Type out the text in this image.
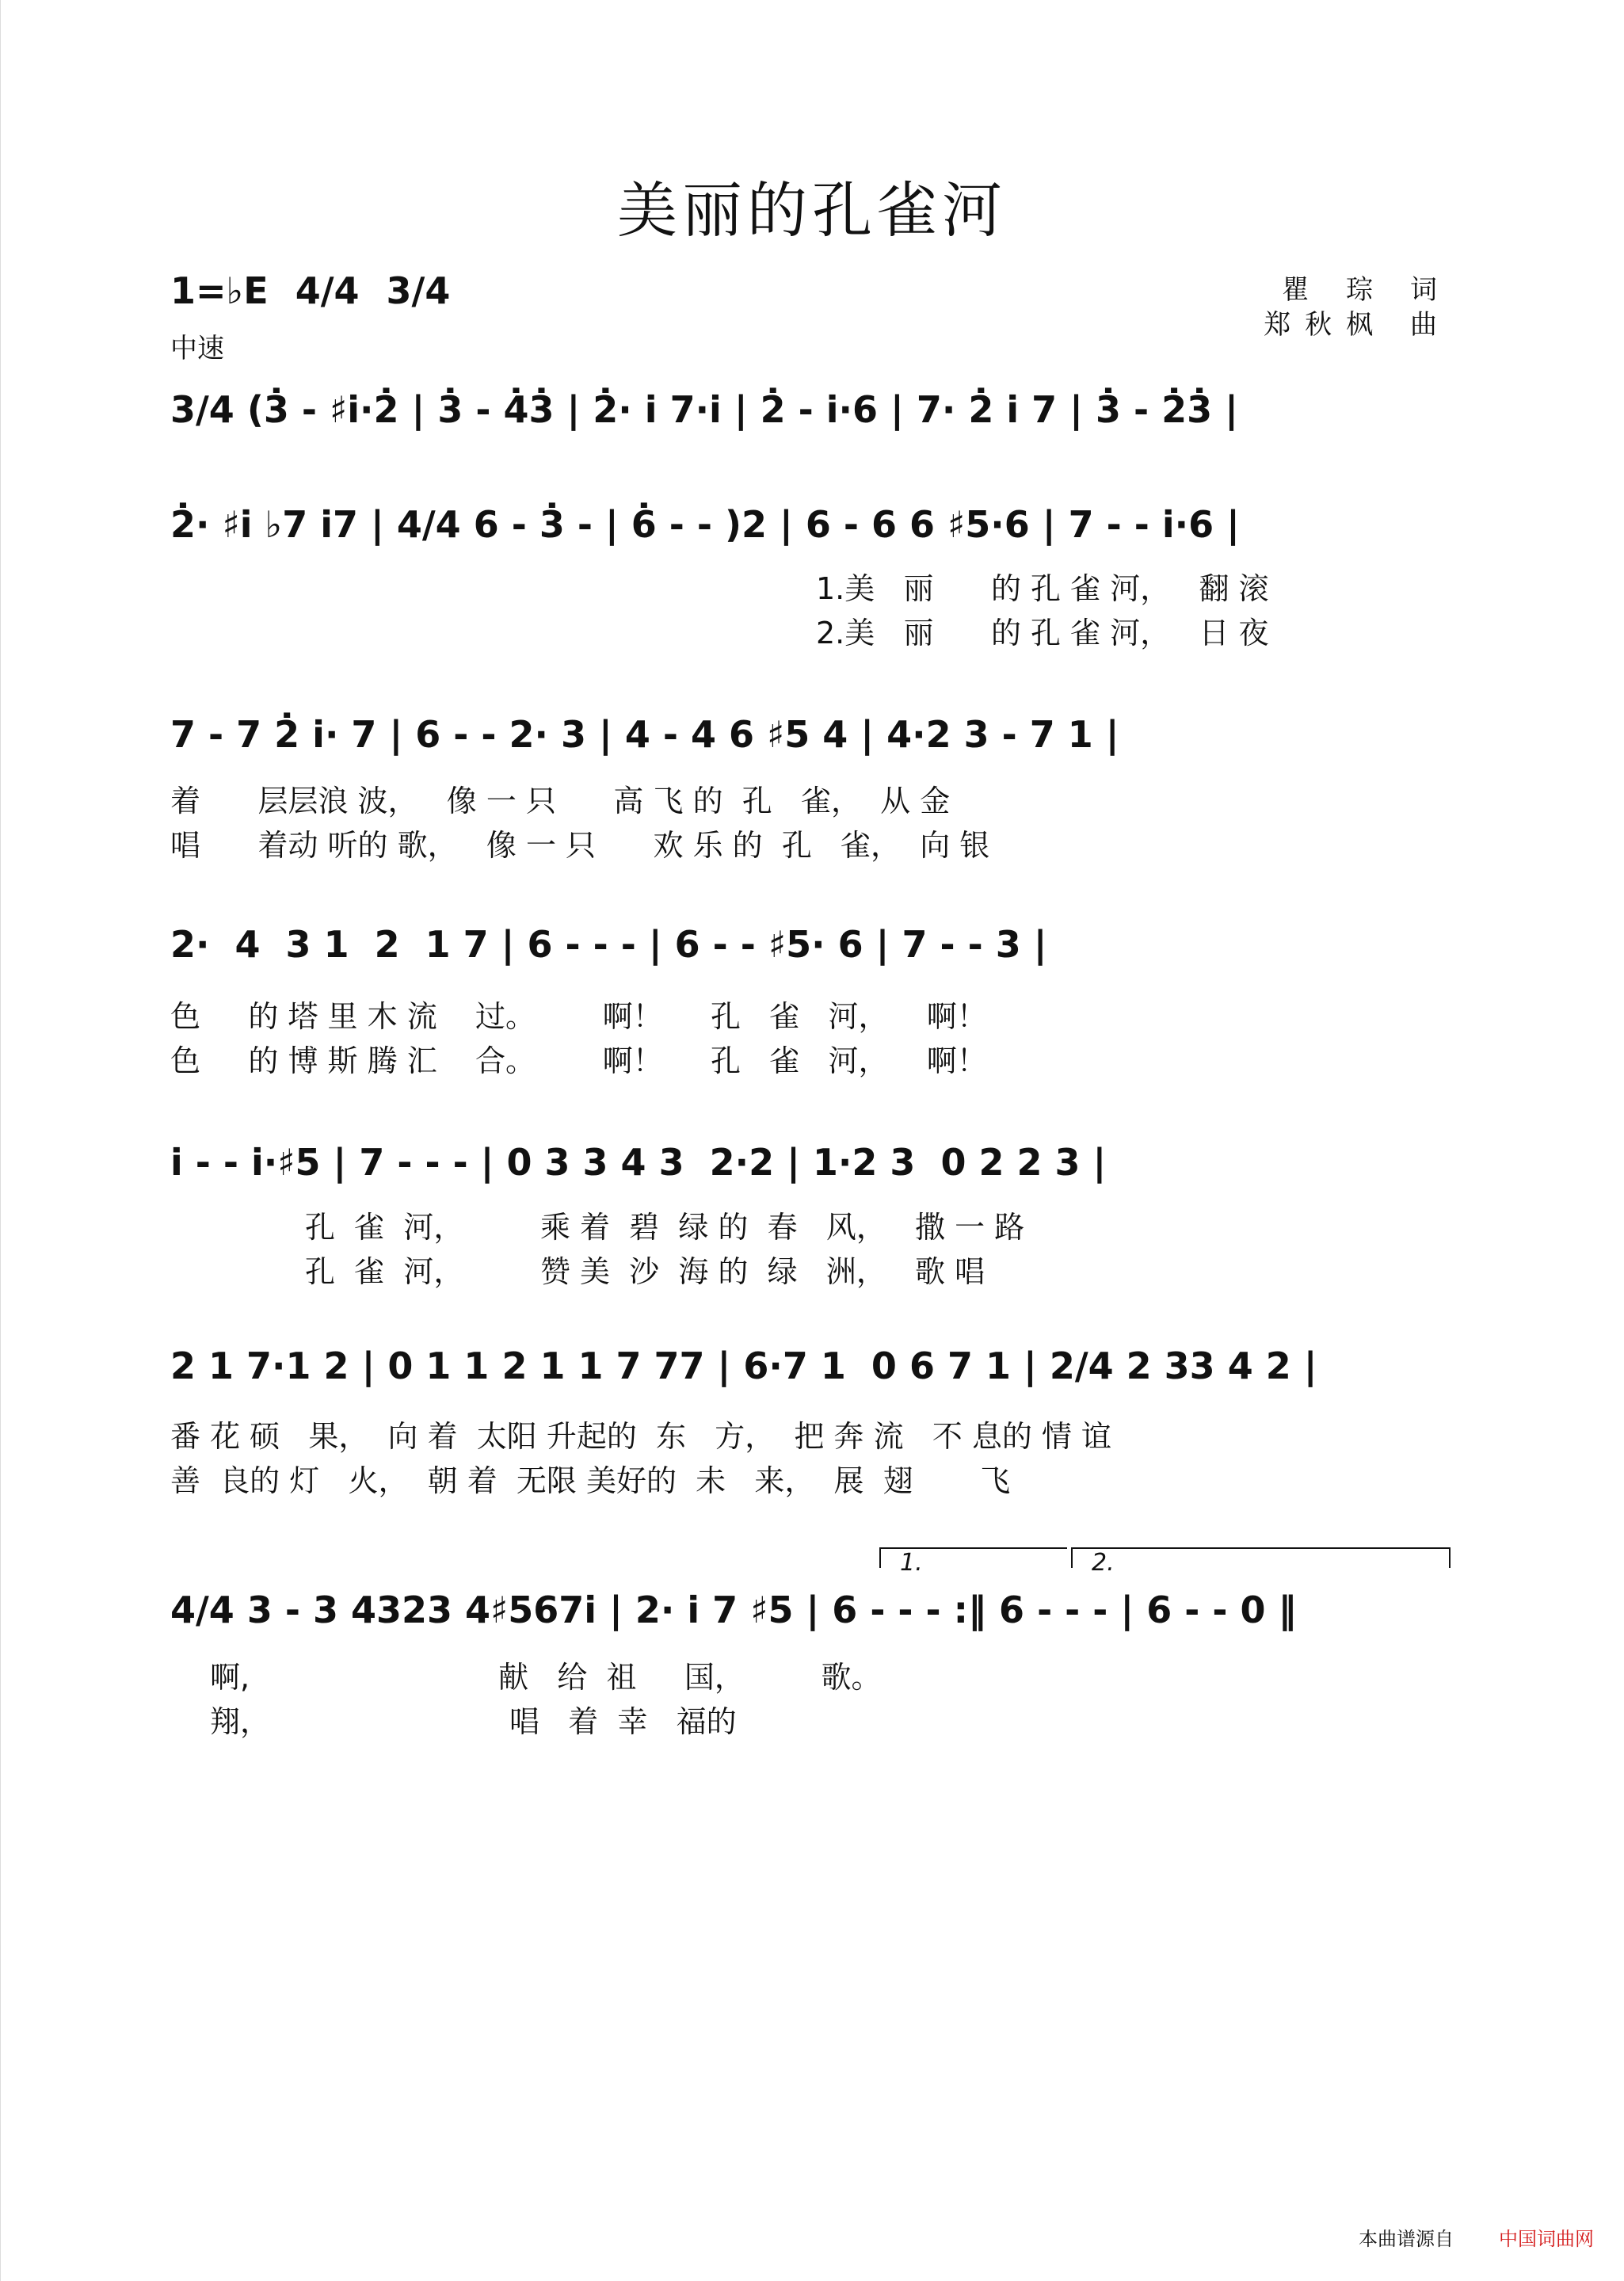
美丽的孔雀河
1=♭E 4/4 3/4
中速
瞿 琮 词
郑秋枫 曲
3/4 (3̇ - ♯i̇·2̇ | 3̇ - 4̇3̇ | 2̇· i̇ 7·i̇ | 2̇ - i̇·6 | 7· 2̇ i̇ 7 | 3̇ - 2̇3̇ |
2̇· ♯i̇ ♭7 i̇7 | 4/4 6 - 3̇ - | 6̇ - - )2 | 6 - 6 6 ♯5·6 | 7 - - i̇·6 |
1.美   丽      的 孔 雀 河，   翻 滚
2.美   丽      的 孔 雀 河，   日 夜
7 - 7 2̇ i̇· 7 | 6 - - 2· 3 | 4 - 4 6 ♯5 4 | 4·2 3 - 7 1 |
着      层层浪 波，   像 一 只      高 飞 的  孔   雀，  从 金
唱      着动 听的 歌，   像 一 只      欢 乐 的  孔   雀，  向 银
2·  4  3 1  2  1 7 | 6 - - - | 6 - - ♯5· 6 | 7 - - 3 |
色     的 塔 里 木 流    过。       啊！     孔   雀   河，    啊！
色     的 博 斯 腾 汇    合。       啊！     孔   雀   河，    啊！
i̇ - - i̇·♯5 | 7 - - - | 0 3 3 4 3  2·2 | 1·2 3  0 2 2 3 |
孔  雀  河，        乘 着  碧  绿 的  春   风，   撒 一 路
孔  雀  河，        赞 美  沙  海 的  绿   洲，   歌 唱
2 1 7·1 2 | 0 1 1 2 1 1 7 77 | 6·7 1  0 6 7 1 | 2/4 2 33 4 2 |
番 花 硕   果，  向 着  太阳 升起的  东   方，  把 奔 流   不 息的 情 谊
善  良的 灯   火，  朝 着  无限 美好的  未   来，  展  翅       飞
1.	2.
4/4 3 - 3 4323 4♯567i̇ | 2· i̇ 7 ♯5 | 6 - - - :‖ 6 - - - | 6 - - 0 ‖
啊,                          献   给  祖     国，        歌。
翔，                         唱   着  幸   福的
本曲谱源自 中国词曲网
